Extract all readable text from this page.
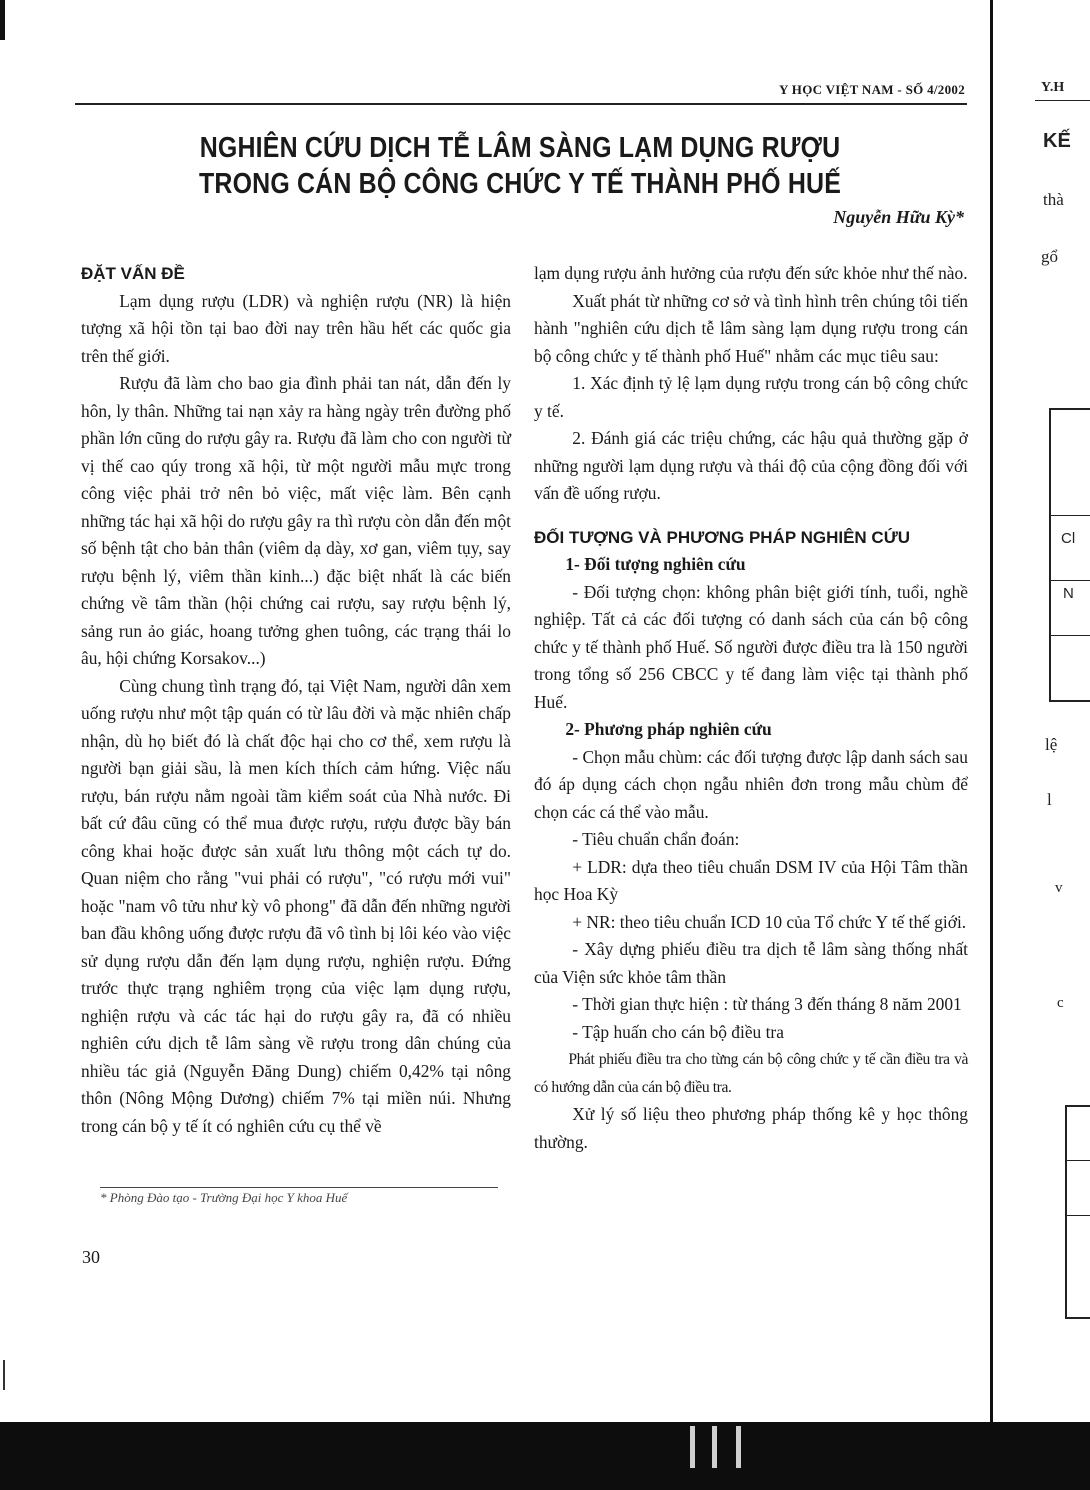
Y HỌC VIỆT NAM - SỐ 4/2002
NGHIÊN CỨU DỊCH TỄ LÂM SÀNG LẠM DỤNG RƯỢU
TRONG CÁN BỘ CÔNG CHỨC Y TẾ THÀNH PHỐ HUẾ
Nguyễn Hữu Kỳ*

ĐẶT VẤN ĐỀ

Lạm dụng rượu (LDR) và nghiện rượu (NR) là hiện tượng xã hội tồn tại bao đời nay trên hầu hết các quốc gia trên thế giới.

Rượu đã làm cho bao gia đình phải tan nát, dẫn đến ly hôn, ly thân. Những tai nạn xảy ra hàng ngày trên đường phố phần lớn cũng do rượu gây ra. Rượu đã làm cho con người từ vị thế cao qúy trong xã hội, từ một người mẫu mực trong công việc phải trở nên bỏ việc, mất việc làm. Bên cạnh những tác hại xã hội do rượu gây ra thì rượu còn dẫn đến một số bệnh tật cho bản thân (viêm dạ dày, xơ gan, viêm tụy, say rượu bệnh lý, viêm thần kinh...) đặc biệt nhất là các biến chứng về tâm thần (hội chứng cai rượu, say rượu bệnh lý, sảng run ảo giác, hoang tưởng ghen tuông, các trạng thái lo âu, hội chứng Korsakov...)

Cùng chung tình trạng đó, tại Việt Nam, người dân xem uống rượu như một tập quán có từ lâu đời và mặc nhiên chấp nhận, dù họ biết đó là chất độc hại cho cơ thể, xem rượu là người bạn giải sầu, là men kích thích cảm hứng. Việc nấu rượu, bán rượu nằm ngoài tầm kiểm soát của Nhà nước. Đi bất cứ đâu cũng có thể mua được rượu, rượu được bầy bán công khai hoặc được sản xuất lưu thông một cách tự do. Quan niệm cho rằng "vui phải có rượu", "có rượu mới vui" hoặc "nam vô tửu như kỳ vô phong" đã dẫn đến những người ban đầu không uống được rượu đã vô tình bị lôi kéo vào việc sử dụng rượu dẫn đến lạm dụng rượu, nghiện rượu. Đứng trước thực trạng nghiêm trọng của việc lạm dụng rượu, nghiện rượu và các tác hại do rượu gây ra, đã có nhiều nghiên cứu dịch tễ lâm sàng về rượu trong dân chúng của nhiều tác giả (Nguyễn Đăng Dung) chiếm 0,42% tại nông thôn (Nông Mộng Dương) chiếm 7% tại miền núi. Nhưng trong cán bộ y tế ít có nghiên cứu cụ thể về

lạm dụng rượu ảnh hưởng của rượu đến sức khỏe như thế nào.

Xuất phát từ những cơ sở và tình hình trên chúng tôi tiến hành "nghiên cứu dịch tễ lâm sàng lạm dụng rượu trong cán bộ công chức y tế thành phố Huế" nhằm các mục tiêu sau:

1. Xác định tỷ lệ lạm dụng rượu trong cán bộ công chức y tế.

2. Đánh giá các triệu chứng, các hậu quả thường gặp ở những người lạm dụng rượu và thái độ của cộng đồng đối với vấn đề uống rượu.

ĐỐI TƯỢNG VÀ PHƯƠNG PHÁP NGHIÊN CỨU

1- Đối tượng nghiên cứu

- Đối tượng chọn: không phân biệt giới tính, tuổi, nghề nghiệp. Tất cả các đối tượng có danh sách của cán bộ công chức y tế thành phố Huế. Số người được điều tra là 150 người trong tổng số 256 CBCC y tế đang làm việc tại thành phố Huế.

2- Phương pháp nghiên cứu

- Chọn mẫu chùm: các đối tượng được lập danh sách sau đó áp dụng cách chọn ngẫu nhiên đơn trong mẫu chùm để chọn các cá thể vào mẫu.

- Tiêu chuẩn chẩn đoán:

+ LDR: dựa theo tiêu chuẩn DSM IV của Hội Tâm thần học Hoa Kỳ

+ NR: theo tiêu chuẩn ICD 10 của Tổ chức Y tế thế giới.

- Xây dựng phiếu điều tra dịch tễ lâm sàng thống nhất của Viện sức khỏe tâm thần

- Thời gian thực hiện : từ tháng 3 đến tháng 8 năm 2001

- Tập huấn cho cán bộ điều tra

Phát phiếu điều tra cho từng cán bộ công chức y tế cần điều tra và có hướng dẫn của cán bộ điều tra.

Xử lý số liệu theo phương pháp thống kê y học thông thường.

* Phòng Đào tạo - Trường Đại học Y khoa Huế
30
Y.H
KẾ
thà
gổ
Cl
N
lệ
l
v
c
